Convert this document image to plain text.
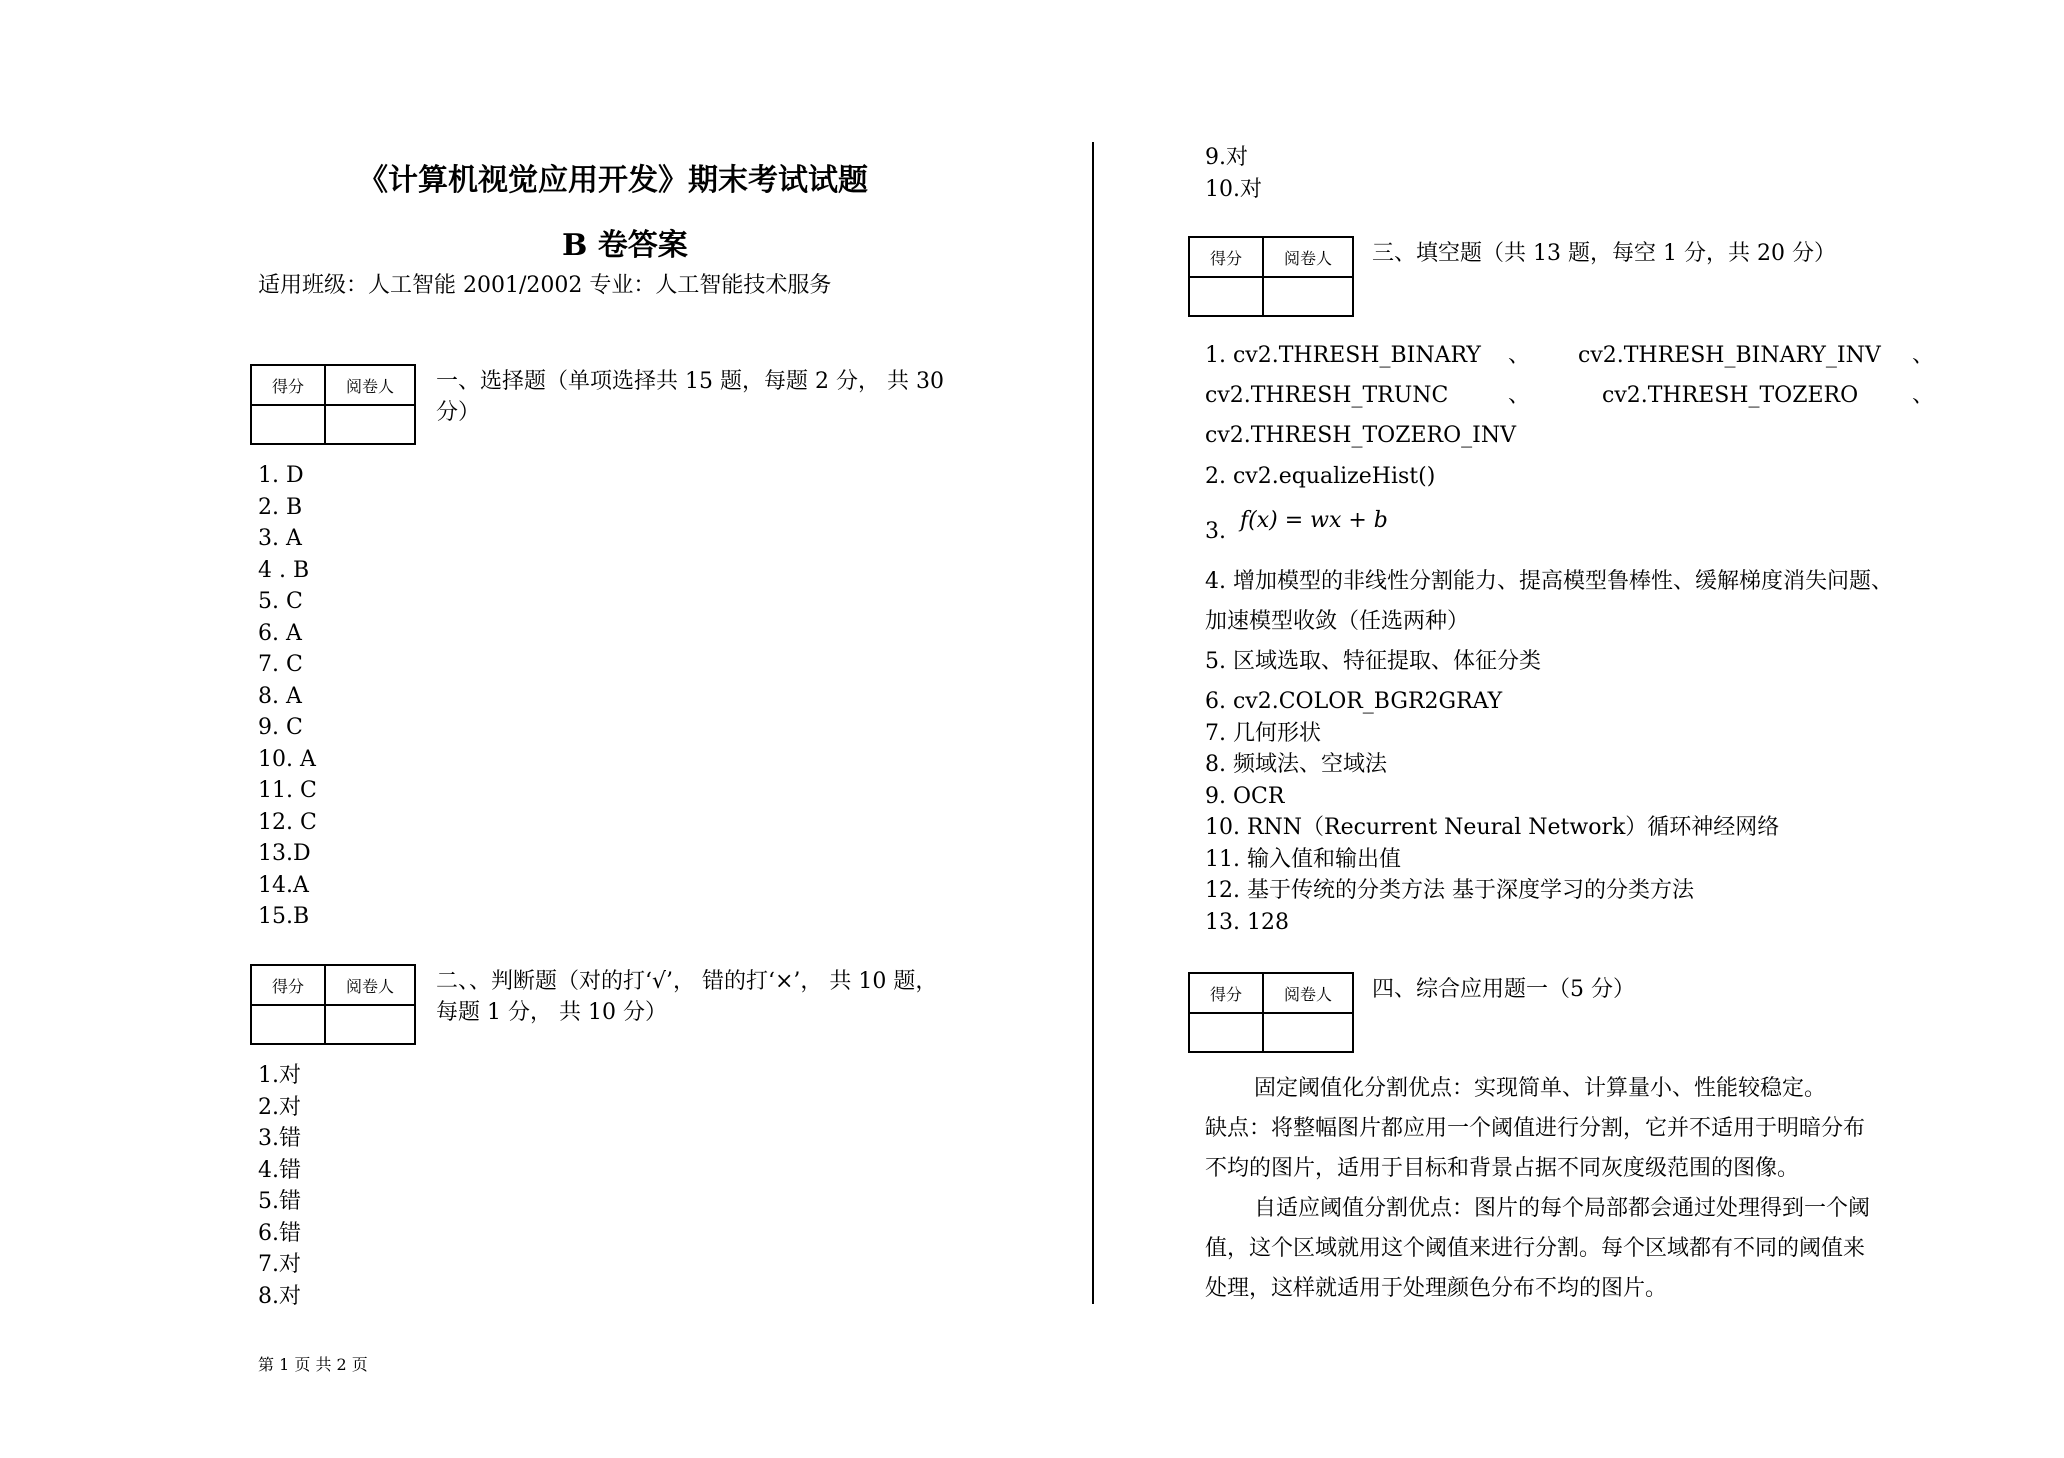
《计算机视觉应用开发》期末考试试题
B 卷答案
适用班级：人工智能 2001/2002 专业：人工智能技术服务
得分	阅卷人	一、选择题（单项选择共 15 题，每题 2 分， 共 30
分）
1. D
2. B
3. A
4 . B
5. C
6. A
7. C
8. A
9. C
10. A
11. C
12. C
13.D
14.A
15.B
得分	阅卷人	二、、判断题（对的打‘√’， 错的打‘×’， 共 10 题，
每题 1 分， 共 10 分）
1.对
2.对
3.错
4.错
5.错
6.错
7.对
8.对
第 1 页 共 2 页
9.对
10.对
得分	阅卷人	三、填空题（共 13 题，每空 1 分，共 20 分）
1. cv2.THRESH_BINARY 、 cv2.THRESH_BINARY_INV 、
cv2.THRESH_TRUNC	、	cv2.THRESH_TOZERO 、
cv2.THRESH_TOZERO_INV
2. cv2.equalizeHist()
3. f(x) = wx + b
4. 增加模型的非线性分割能力、提高模型鲁棒性、缓解梯度消失问题、
加速模型收敛（任选两种）
5. 区域选取、特征提取、体征分类
6. cv2.COLOR_BGR2GRAY
7. 几何形状
8. 频域法、空域法
9. OCR
10. RNN（Recurrent Neural Network）循环神经网络
11. 输入值和输出值
12. 基于传统的分类方法 基于深度学习的分类方法
13. 128
得分	阅卷人	四、综合应用题一（5 分）
固定阈值化分割优点：实现简单、计算量小、性能较稳定。
缺点：将整幅图片都应用一个阈值进行分割，它并不适用于明暗分布
不均的图片，适用于目标和背景占据不同灰度级范围的图像。
自适应阈值分割优点：图片的每个局部都会通过处理得到一个阈
值，这个区域就用这个阈值来进行分割。每个区域都有不同的阈值来
处理，这样就适用于处理颜色分布不均的图片。
